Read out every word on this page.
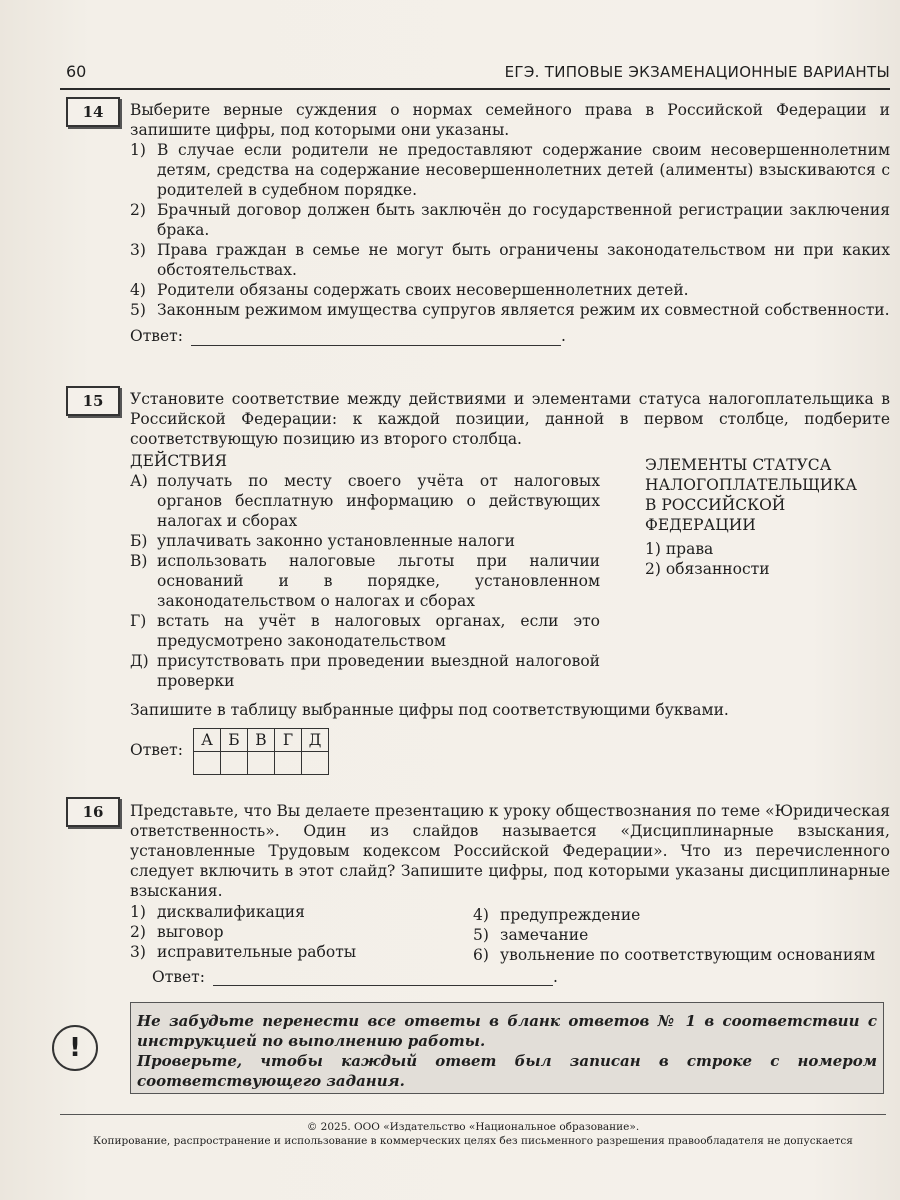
60	ЕГЭ. ТИПОВЫЕ ЭКЗАМЕНАЦИОННЫЕ ВАРИАНТЫ
14	Выберите верные суждения о нормах семейного права в Российской Федерации и запишите цифры, под которыми они указаны.
1) В случае если родители не предоставляют содержание своим несовершеннолетним детям, средства на содержание несовершеннолетних детей (алименты) взыскиваются с родителей в судебном порядке.
2) Брачный договор должен быть заключён до государственной регистрации заключения брака.
3) Права граждан в семье не могут быть ограничены законодательством ни при каких обстоятельствах.
4) Родители обязаны содержать своих несовершеннолетних детей.
5) Законным режимом имущества супругов является режим их совместной собственности.
Ответ:	.
15	Установите соответствие между действиями и элементами статуса налогоплательщика в Российской Федерации: к каждой позиции, данной в первом столбце, подберите соответствующую позицию из второго столбца.
ДЕЙСТВИЯ
А) получать по месту своего учёта от налоговых органов бесплатную информацию о действующих налогах и сборах
Б) уплачивать законно установленные налоги
В) использовать налоговые льготы при наличии оснований и в порядке, установленном законодательством о налогах и сборах
Г) встать на учёт в налоговых органах, если это предусмотрено законодательством
Д) присутствовать при проведении выездной налоговой проверки
ЭЛЕМЕНТЫ СТАТУСА
НАЛОГОПЛАТЕЛЬЩИКА
В РОССИЙСКОЙ
ФЕДЕРАЦИИ
1) права
2) обязанности
Запишите в таблицу выбранные цифры под соответствующими буквами.
Ответ:
А	Б	В	Г	Д

16	Представьте, что Вы делаете презентацию к уроку обществознания по теме «Юридическая ответственность». Один из слайдов называется «Дисциплинарные взыскания, установленные Трудовым кодексом Российской Федерации». Что из перечисленного следует включить в этот слайд? Запишите цифры, под которыми указаны дисциплинарные взыскания.
1) дисквалификация
2) выговор
3) исправительные работы
4) предупреждение
5) замечание
6) увольнение по соответствующим основаниям
Ответ:	.
!

Не забудьте перенести все ответы в бланк ответов № 1 в соответствии с инструкцией по выполнению работы.

Проверьте, чтобы каждый ответ был записан в строке с номером соответствующего задания.

© 2025. ООО «Издательство «Национальное образование».
Копирование, распространение и использование в коммерческих целях без письменного разрешения правообладателя не допускается
